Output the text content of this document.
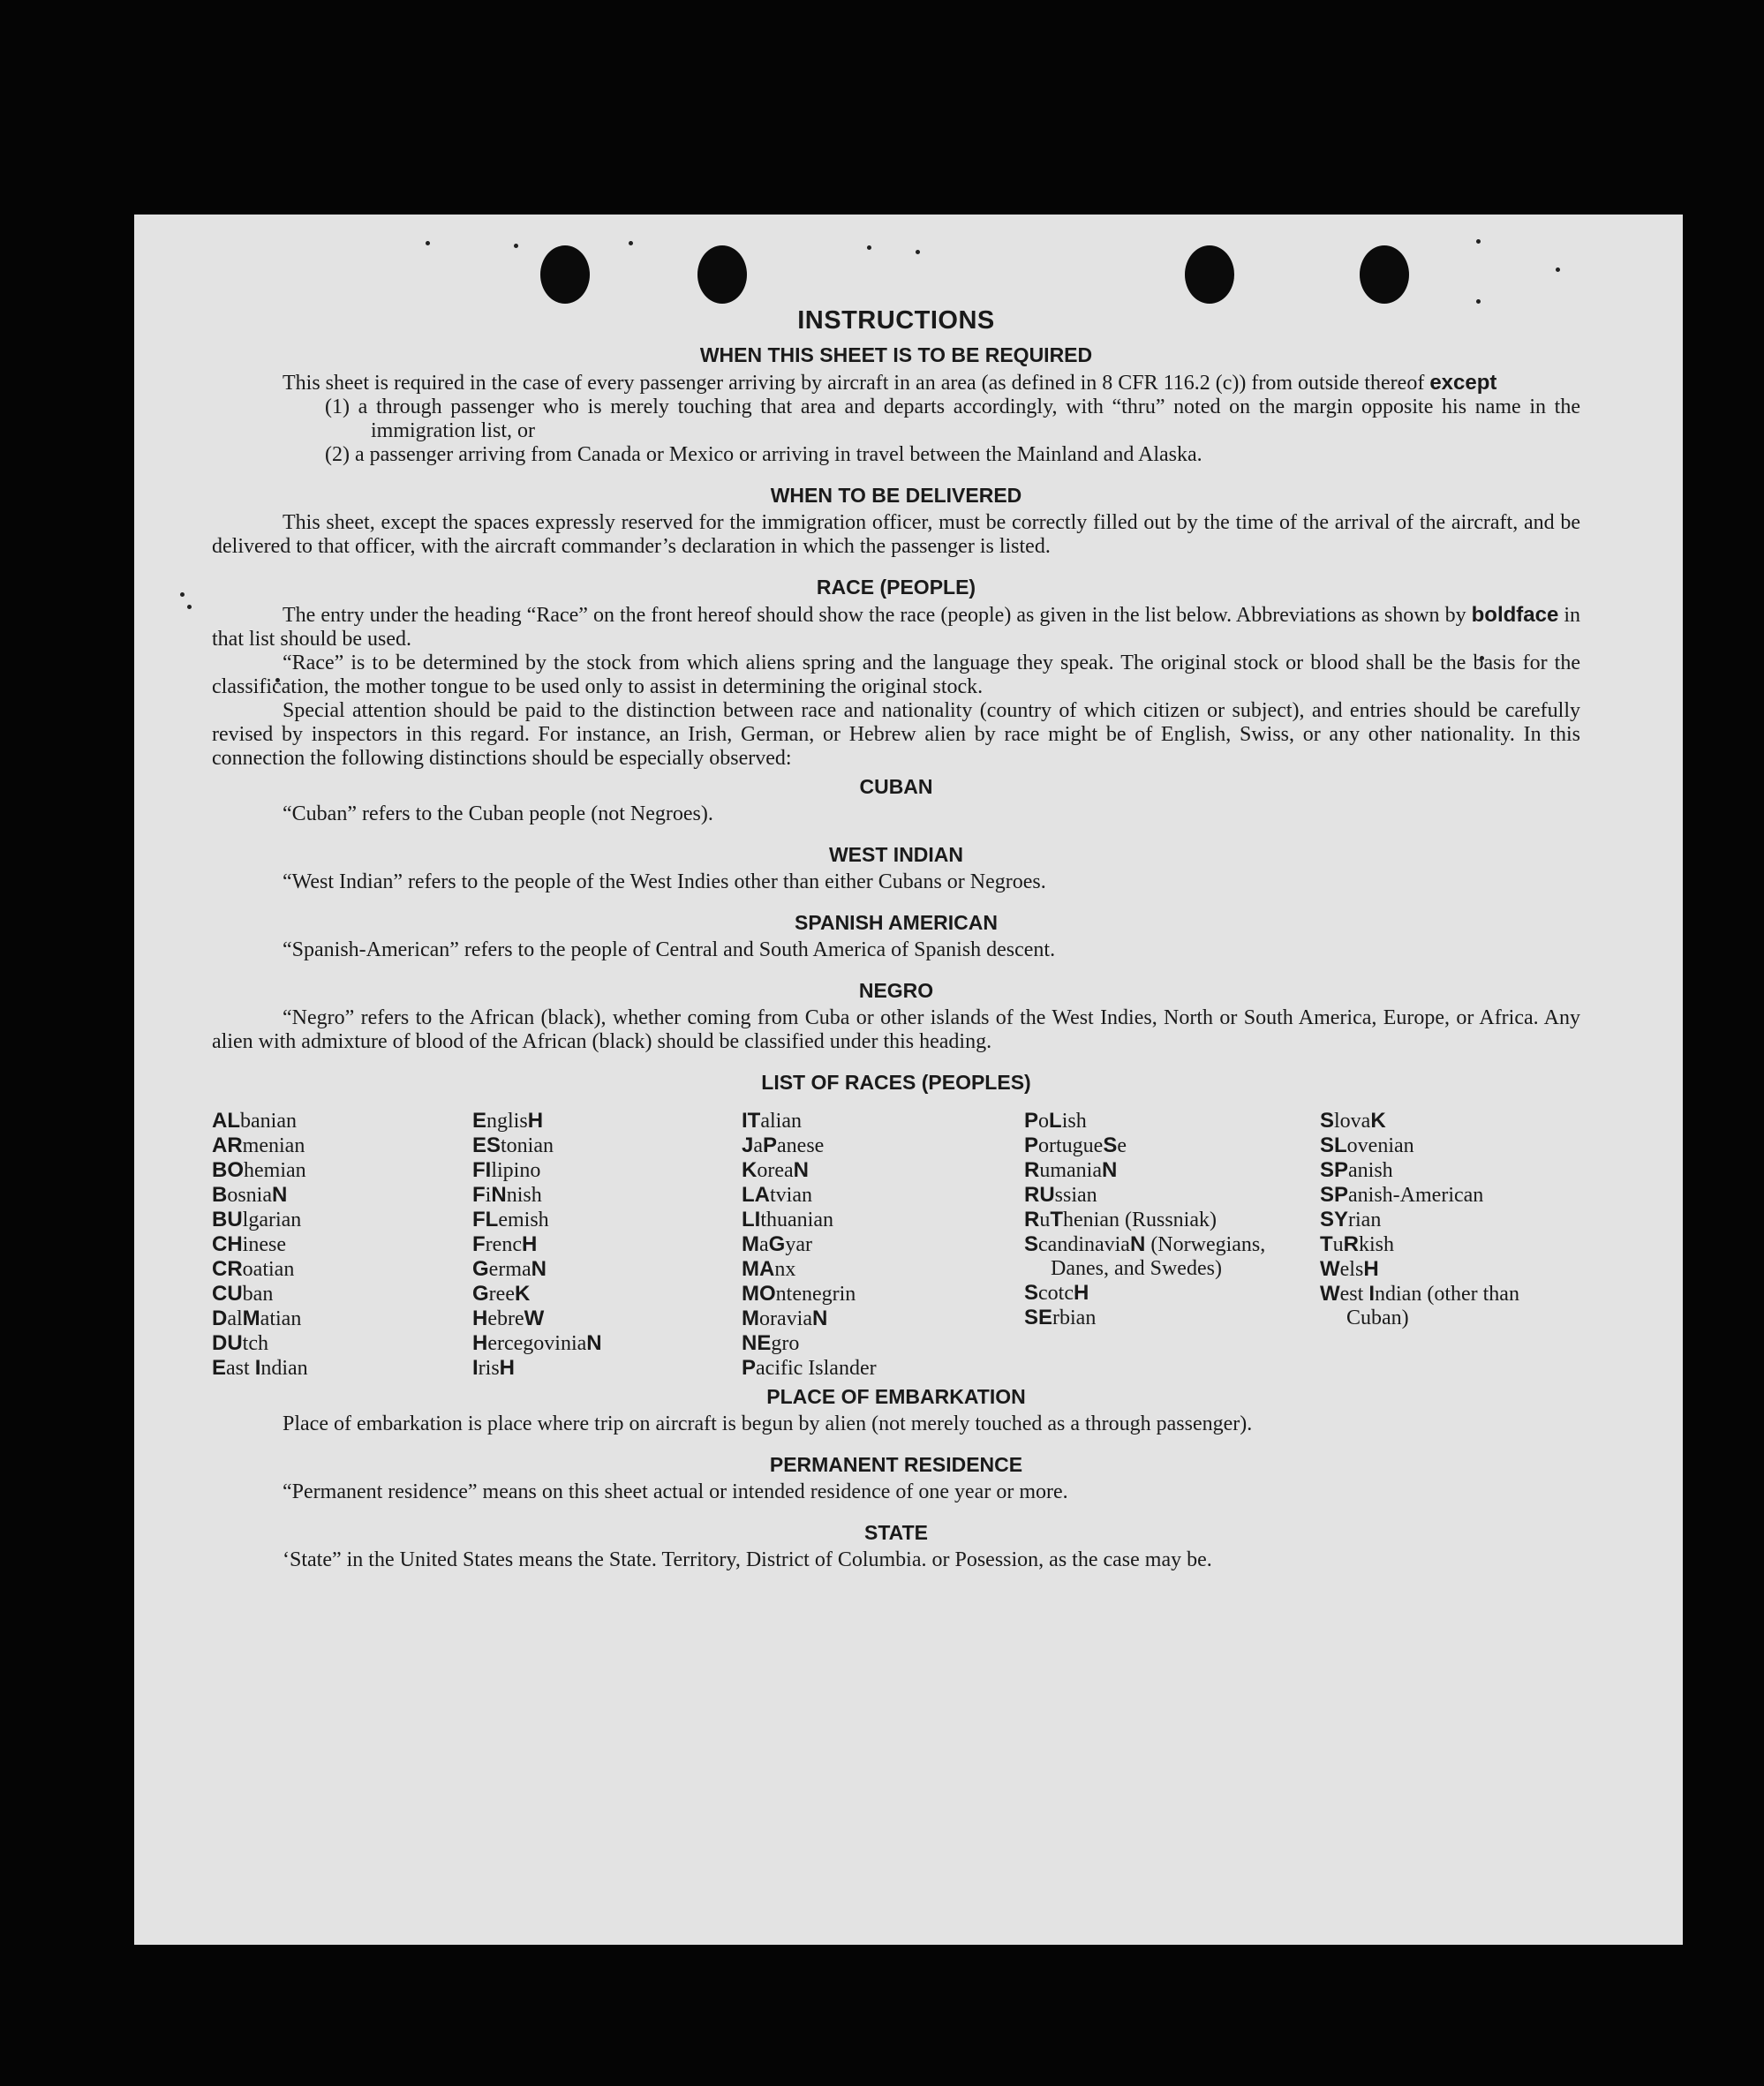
INSTRUCTIONS
WHEN THIS SHEET IS TO BE REQUIRED

This sheet is required in the case of every passenger arriving by aircraft in an area (as defined in 8 CFR 116.2 (c)) from outside thereof except

(1) a through passenger who is merely touching that area and departs accordingly, with “thru” noted on the margin opposite his name in the immigration list, or
(2) a passenger arriving from Canada or Mexico or arriving in travel between the Mainland and Alaska.
WHEN TO BE DELIVERED

This sheet, except the spaces expressly reserved for the immigration officer, must be correctly filled out by the time of the arrival of the aircraft, and be delivered to that officer, with the aircraft commander’s declaration in which the passenger is listed.

RACE (PEOPLE)

The entry under the heading “Race” on the front hereof should show the race (people) as given in the list below. Abbreviations as shown by boldface in that list should be used.

“Race” is to be determined by the stock from which aliens spring and the language they speak. The original stock or blood shall be the basis for the classification, the mother tongue to be used only to assist in determining the original stock.

Special attention should be paid to the distinction between race and nationality (country of which citizen or subject), and entries should be carefully revised by inspectors in this regard. For instance, an Irish, German, or Hebrew alien by race might be of English, Swiss, or any other nationality. In this connection the following distinctions should be especially observed:

CUBAN

“Cuban” refers to the Cuban people (not Negroes).

WEST INDIAN

“West Indian” refers to the people of the West Indies other than either Cubans or Negroes.

SPANISH AMERICAN

“Spanish-American” refers to the people of Central and South America of Spanish descent.

NEGRO

“Negro” refers to the African (black), whether coming from Cuba or other islands of the West Indies, North or South America, Europe, or Africa. Any alien with admixture of blood of the African (black) should be classified under this heading.

LIST OF RACES (PEOPLES)
ALbanian
ARmenian
BOhemian
BosniaN
BUlgarian
CHinese
CRoatian
CUban
DalMatian
DUtch
East Indian
EnglisH
EStonian
FIlipino
FiNnish
FLemish
FrencH
GermaN
GreeK
HebreW
HercegoviniaN
IrisH
ITalian
JaPanese
KoreaN
LAtvian
LIthuanian
MaGyar
MAnx
MOntenegrin
MoraviaN
NEgro
Pacific Islander
PoLish
PortugueSe
RumaniaN
RUssian
RuThenian (Russniak)
ScandinaviaN (Norwegians, Danes, and Swedes)
ScotcH
SErbian
SlovaK
SLovenian
SPanish
SPanish-American
SYrian
TuRkish
WelsH
West Indian (other than Cuban)
PLACE OF EMBARKATION

Place of embarkation is place where trip on aircraft is begun by alien (not merely touched as a through passenger).

PERMANENT RESIDENCE

“Permanent residence” means on this sheet actual or intended residence of one year or more.

STATE

‘State” in the United States means the State. Territory, District of Columbia. or Posession, as the case may be.
